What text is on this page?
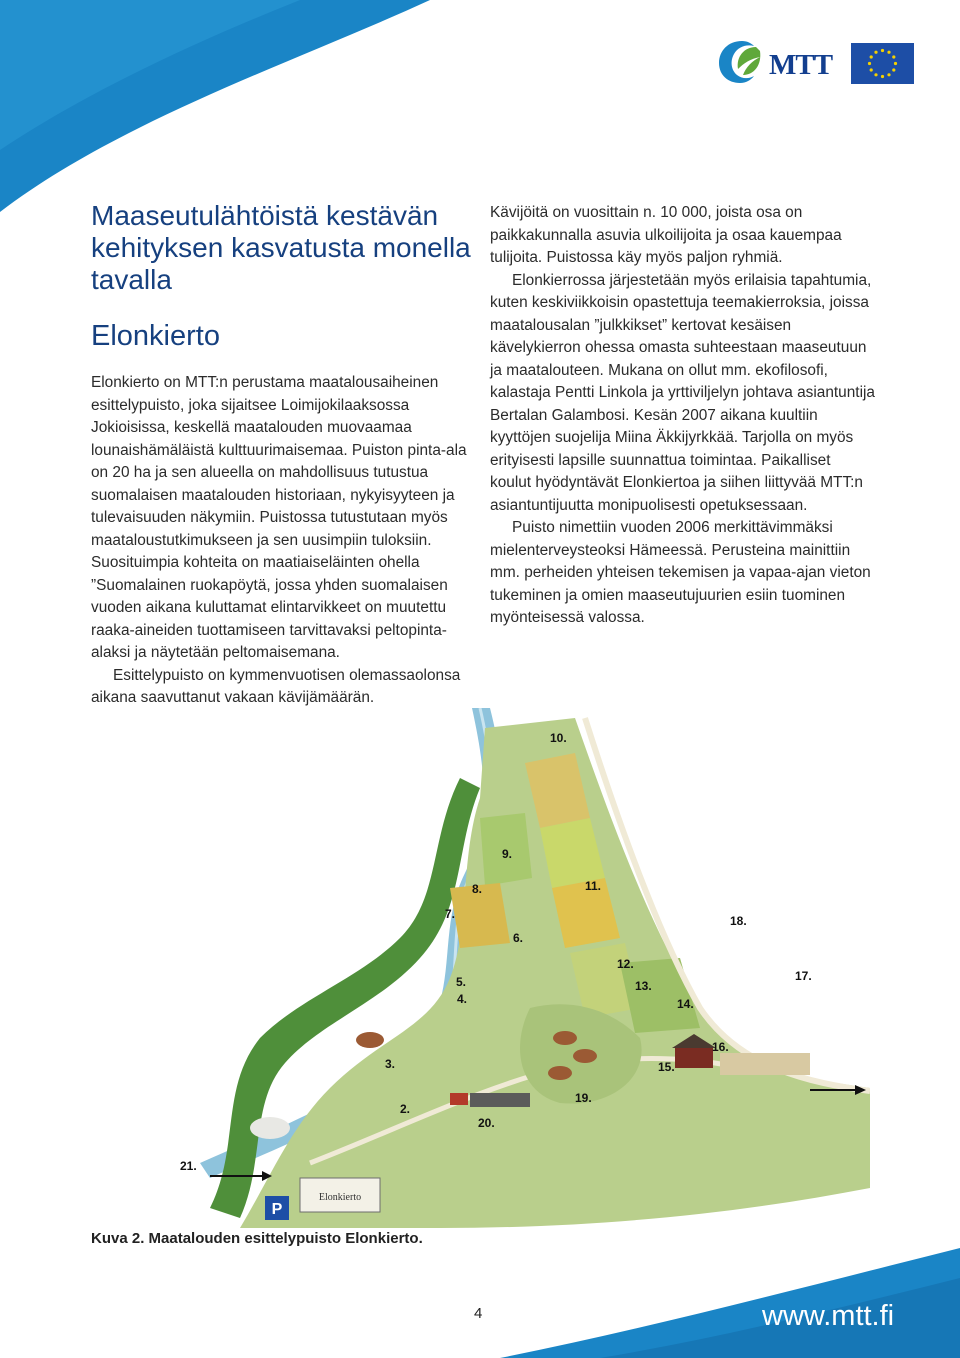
MTT
Maaseutulähtöistä kestävän kehityksen kasvatusta monella tavalla
Elonkierto

Elonkierto on MTT:n perustama maatalousaiheinen esittelypuisto, joka sijaitsee Loimijokilaaksossa Jokioisissa, keskellä maatalouden muovaamaa lounaishämäläistä kulttuurimaisemaa. Puiston pinta-ala on 20 ha ja sen alueella on mahdollisuus tutustua suomalaisen maatalouden historiaan, nykyisyyteen ja tulevaisuuden näkymiin. Puistossa tutustutaan myös maataloustutkimukseen ja sen uusimpiin tuloksiin. Suosituimpia kohteita on maatiaiseläinten ohella ”Suomalainen ruokapöytä, jossa yhden suomalaisen vuoden aikana kuluttamat elintarvikkeet on muutettu raaka-aineiden tuottamiseen tarvittavaksi peltopinta-alaksi ja näytetään peltomaisemana.

Esittelypuisto on kymmenvuotisen olemassaolonsa aikana saavuttanut vakaan kävijämäärän.

Kävijöitä on vuosittain n. 10 000, joista osa on paikkakunnalla asuvia ulkoilijoita ja osaa kauempaa tulijoita. Puistossa käy myös paljon ryhmiä.

Elonkierrossa järjestetään myös erilaisia tapahtumia, kuten keskiviikkoisin opastettuja teemakierroksia, joissa maatalousalan ”julkkikset” kertovat kesäisen kävelykierron ohessa omasta suhteestaan maaseutuun ja maatalouteen. Mukana on ollut mm. ekofilosofi, kalastaja Pentti Linkola ja yrttiviljelyn johtava asiantuntija Bertalan Galambosi. Kesän 2007 aikana kuultiin kyyttöjen suojelija Miina Äkkijyrkkää. Tarjolla on myös erityisesti lapsille suunnattua toimintaa. Paikalliset koulut hyödyntävät Elonkiertoa ja siihen liittyvää MTT:n asiantuntijuutta monipuolisesti opetuksessaan.

Puisto nimettiin vuoden 2006 merkittävimmäksi mielenterveysteoksi Hämeessä. Perusteina mainittiin mm. perheiden yhteisen tekemisen ja vapaa-ajan vieton tukeminen ja omien maaseutujuurien esiin tuominen myönteisessä valossa.

P
Elonkierto
2.
3.
4.
5.
6.
7.
8.
9.
10.
11.
12.
13.
14.
15.
16.
17.
18.
19.
20.
21.

Kuva 2. Maatalouden esittelypuisto Elonkierto.

4	www.mtt.fi
